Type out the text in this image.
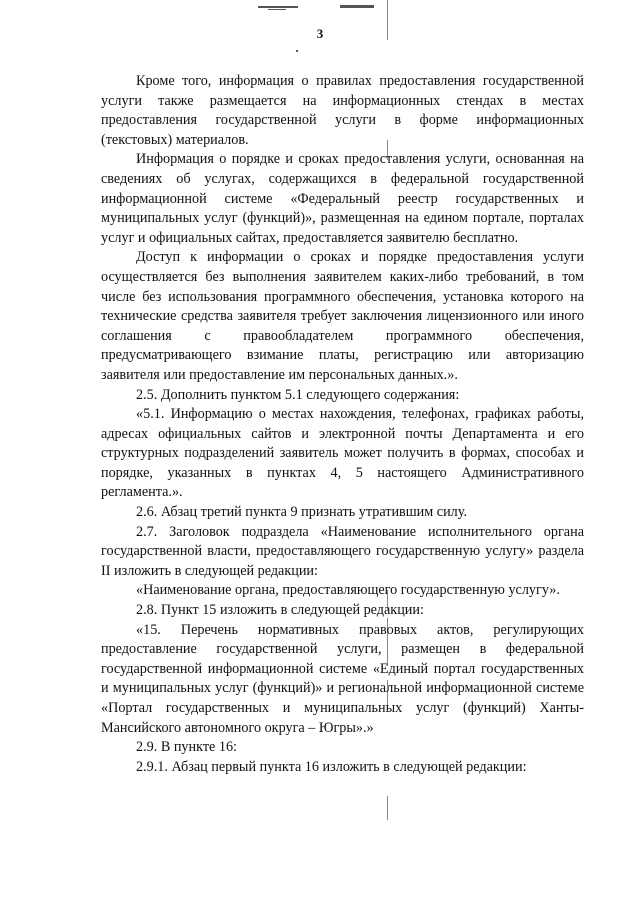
3

Кроме того, информация о правилах предоставления государственной услуги также размещается на информационных стендах в местах предоставления государственной услуги в форме информационных (текстовых) материалов.

Информация о порядке и сроках предоставления услуги, основанная на сведениях об услугах, содержащихся в федеральной государственной информационной системе «Федеральный реестр государственных и муниципальных услуг (функций)», размещенная на едином портале, порталах услуг и официальных сайтах, предоставляется заявителю бесплатно.

Доступ к информации о сроках и порядке предоставления услуги осуществляется без выполнения заявителем каких-либо требований, в том числе без использования программного обеспечения, установка которого на технические средства заявителя требует заключения лицензионного или иного соглашения с правообладателем программного обеспечения, предусматривающего взимание платы, регистрацию или авторизацию заявителя или предоставление им персональных данных.».

2.5. Дополнить пунктом 5.1 следующего содержания:

«5.1. Информацию о местах нахождения, телефонах, графиках работы, адресах официальных сайтов и электронной почты Департамента и его структурных подразделений заявитель может получить в формах, способах и порядке, указанных в пунктах 4, 5 настоящего Административного регламента.».

2.6. Абзац третий пункта 9 признать утратившим силу.

2.7. Заголовок подраздела «Наименование исполнительного органа государственной власти, предоставляющего государственную услугу» раздела II изложить в следующей редакции:

«Наименование органа, предоставляющего государственную услугу».

2.8. Пункт 15 изложить в следующей редакции:

«15. Перечень нормативных правовых актов, регулирующих предоставление государственной услуги, размещен в федеральной государственной информационной системе «Единый портал государственных и муниципальных услуг (функций)» и региональной информационной системе «Портал государственных и муниципальных услуг (функций) Ханты-Мансийского автономного округа – Югры».»

2.9. В пункте 16:

2.9.1. Абзац первый пункта 16 изложить в следующей редакции:
